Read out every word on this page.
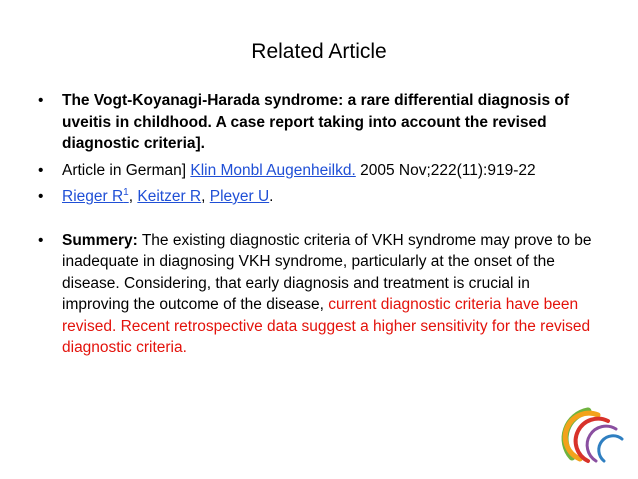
Related Article
•	The Vogt-Koyanagi-Harada syndrome: a rare differential diagnosis of uveitis in childhood. A case report taking into account the revised diagnostic criteria].
•	Article in German] Klin Monbl Augenheilkd. 2005 Nov;222(11):919-22
•	Rieger R$^1$, Keitzer R, Pleyer U.
•	Summery: The existing diagnostic criteria of VKH syndrome may prove to be inadequate in diagnosing VKH syndrome, particularly at the onset of the disease. Considering, that early diagnosis and treatment is crucial in improving the outcome of the disease, current diagnostic criteria have been revised. Recent retrospective data suggest a higher sensitivity for the revised diagnostic criteria.
